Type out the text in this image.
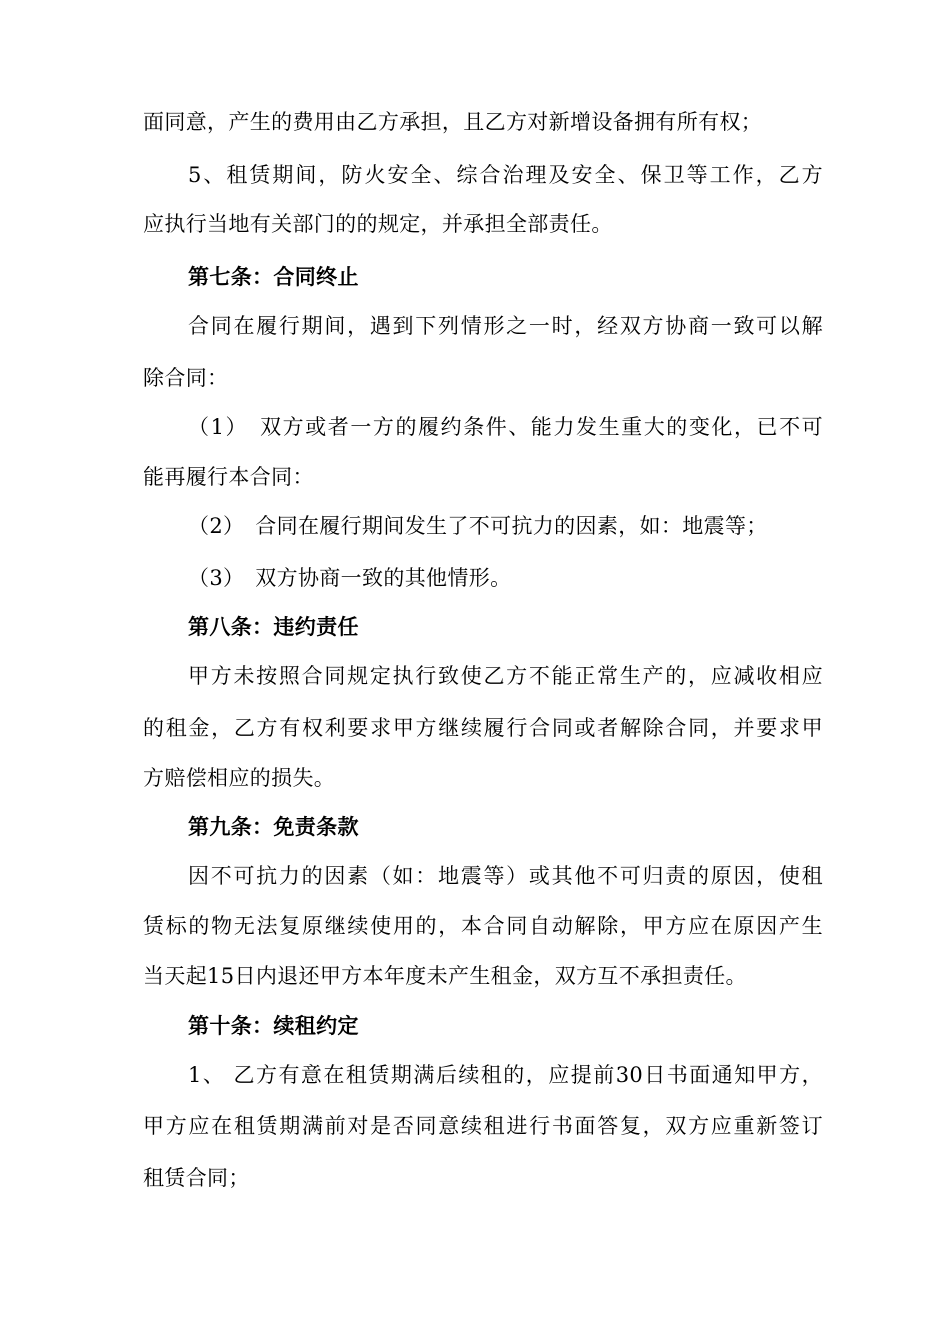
面同意，产生的费用由乙方承担，且乙方对新增设备拥有所有权；
5、租赁期间，防火安全、综合治理及安全、保卫等工作，乙方
应执行当地有关部门的的规定，并承担全部责任。
第七条：合同终止
合同在履行期间，遇到下列情形之一时，经双方协商一致可以解
除合同：
（1）　双方或者一方的履约条件、能力发生重大的变化，已不可
能再履行本合同：
（2）　合同在履行期间发生了不可抗力的因素，如：地震等；
（3）　双方协商一致的其他情形。
第八条：违约责任
甲方未按照合同规定执行致使乙方不能正常生产的，应减收相应
的租金，乙方有权利要求甲方继续履行合同或者解除合同，并要求甲
方赔偿相应的损失。
第九条：免责条款
因不可抗力的因素（如：地震等）或其他不可归责的原因，使租
赁标的物无法复原继续使用的，本合同自动解除，甲方应在原因产生
当天起15日内退还甲方本年度未产生租金，双方互不承担责任。
第十条：续租约定
1、 乙方有意在租赁期满后续租的，应提前30日书面通知甲方，
甲方应在租赁期满前对是否同意续租进行书面答复，双方应重新签订
租赁合同；
